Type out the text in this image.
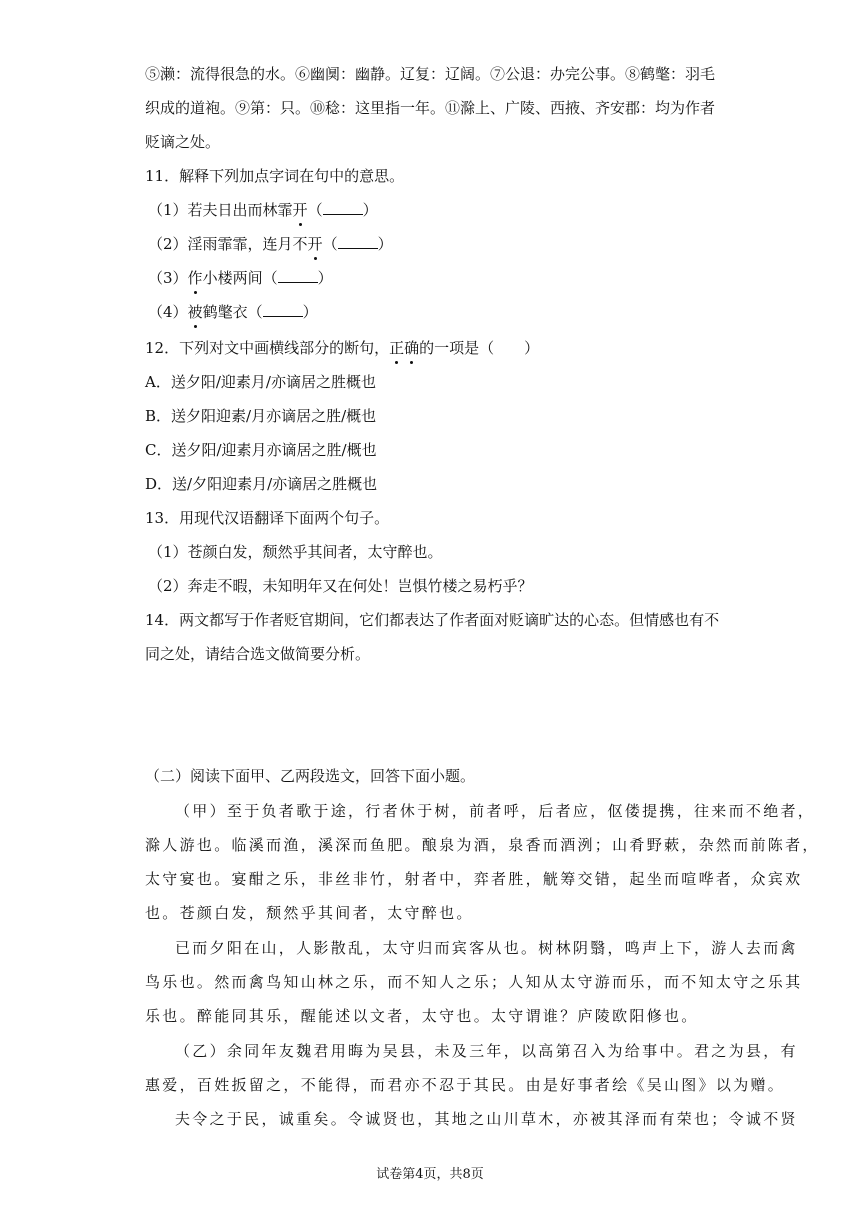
⑤濑：流得很急的水。⑥幽阒：幽静。辽复：辽阔。⑦公退：办完公事。⑧鹤氅：羽毛
织成的道袍。⑨第：只。⑩稔：这里指一年。⑪滁上、广陵、西掖、齐安郡：均为作者
贬谪之处。
11．解释下列加点字词在句中的意思。
（1）若夫日出而林霏开（	）
（2）淫雨霏霏，连月不开（	）
（3）作小楼两间（	）
（4）被鹤氅衣（	）
12．下列对文中画横线部分的断句，正确的一项是（　　）
A．送夕阳/迎素月/亦谪居之胜概也
B．送夕阳迎素/月亦谪居之胜/概也
C．送夕阳/迎素月亦谪居之胜/概也
D．送/夕阳迎素月/亦谪居之胜概也
13．用现代汉语翻译下面两个句子。
（1）苍颜白发，颓然乎其间者，太守醉也。
（2）奔走不暇，未知明年又在何处！岂惧竹楼之易朽乎？
14．两文都写于作者贬官期间，它们都表达了作者面对贬谪旷达的心态。但情感也有不
同之处，请结合选文做简要分析。
（二）阅读下面甲、乙两段选文，回答下面小题。
（甲）至于负者歌于途，行者休于树，前者呼，后者应，伛偻提携，往来而不绝者，
滁人游也。临溪而渔，溪深而鱼肥。酿泉为酒，泉香而酒洌；山肴野蔌，杂然而前陈者，
太守宴也。宴酣之乐，非丝非竹，射者中，弈者胜，觥筹交错，起坐而喧哗者，众宾欢
也。苍颜白发，颓然乎其间者，太守醉也。
已而夕阳在山，人影散乱，太守归而宾客从也。树林阴翳，鸣声上下，游人去而禽
鸟乐也。然而禽鸟知山林之乐，而不知人之乐；人知从太守游而乐，而不知太守之乐其
乐也。醉能同其乐，醒能述以文者，太守也。太守谓谁？庐陵欧阳修也。
（乙）余同年友魏君用晦为吴县，未及三年，以高第召入为给事中。君之为县，有
惠爱，百姓扳留之，不能得，而君亦不忍于其民。由是好事者绘《吴山图》以为赠。
夫令之于民，诚重矣。令诚贤也，其地之山川草木，亦被其泽而有荣也；令诚不贤
试卷第4页，共8页
